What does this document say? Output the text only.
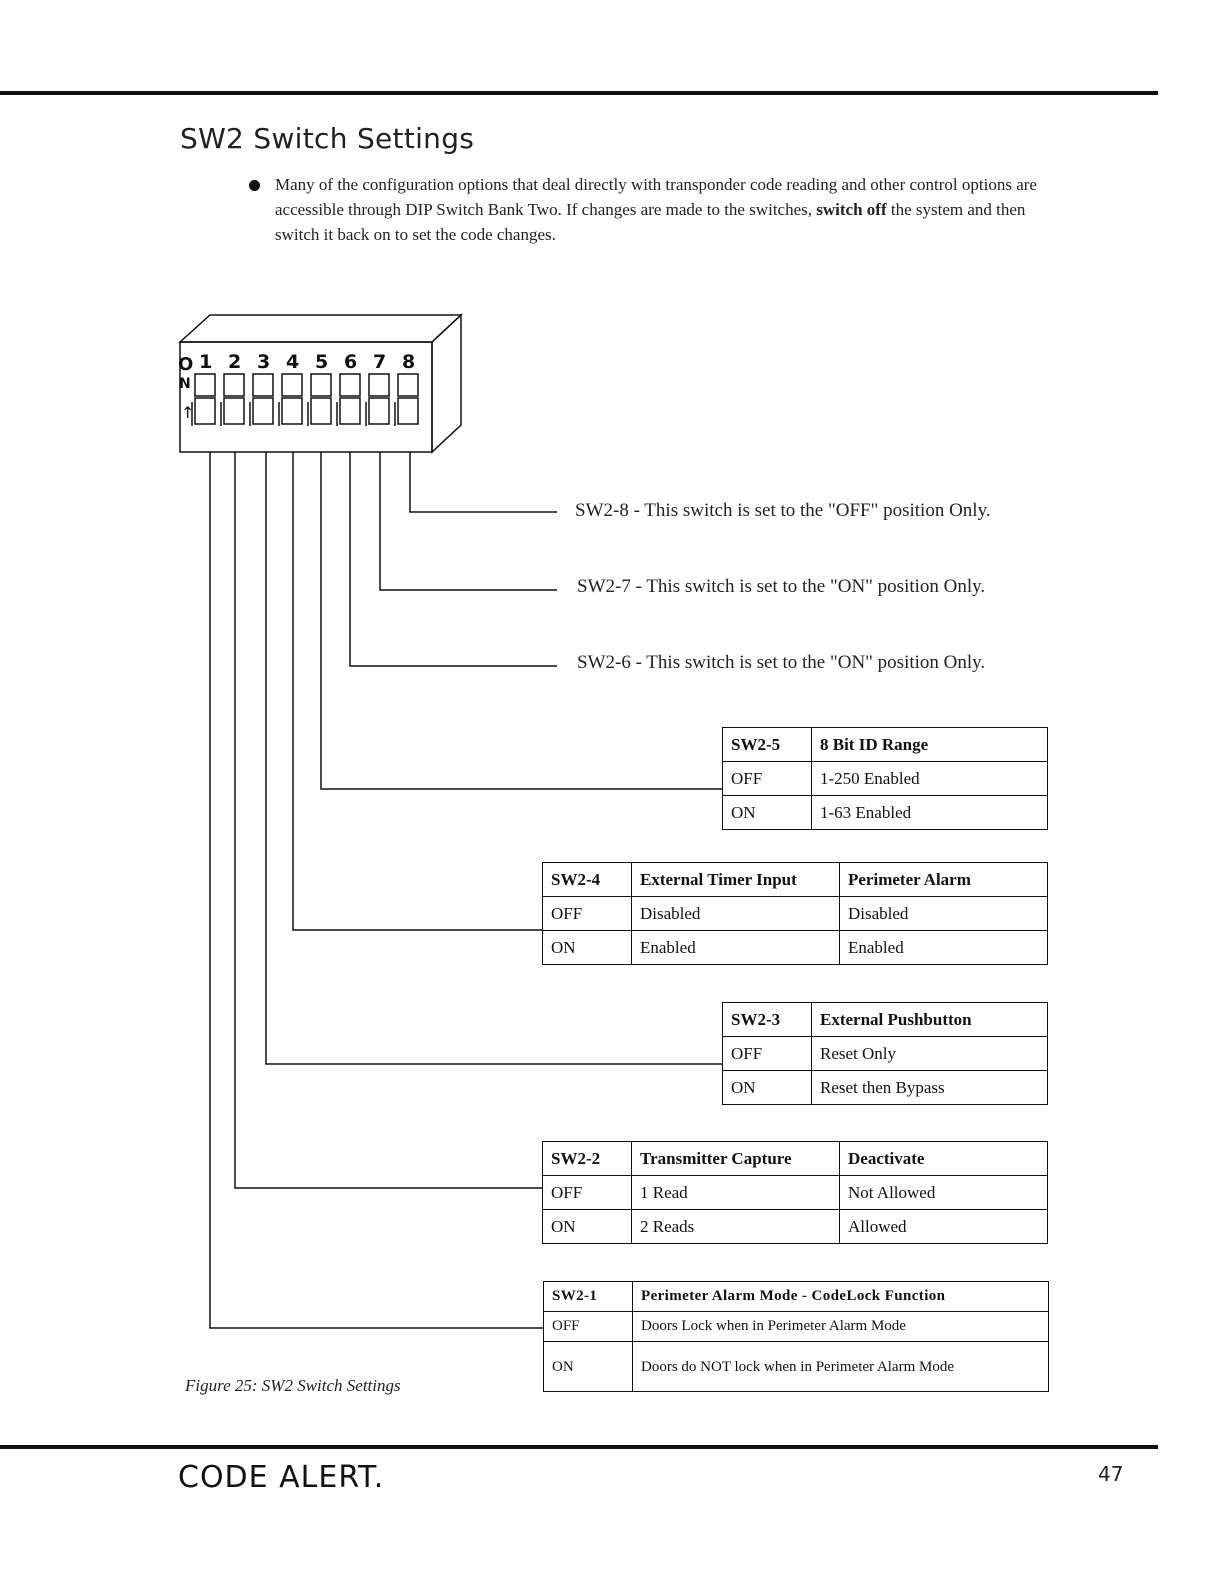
SW2 Switch Settings
Many of the configuration options that deal directly with transponder code reading and other control options are accessible through DIP Switch Bank Two. If changes are made to the switches, switch off the system and then switch it back on to set the code changes.
O
N
↑
1 2 3 4 5 6 7 8
SW2-8 - This switch is set to the "OFF" position Only.
SW2-7 - This switch is set to the "ON" position Only.
SW2-6 - This switch is set to the "ON" position Only.
SW2-5	8 Bit ID Range
OFF	1-250 Enabled
ON	1-63 Enabled
SW2-4	External Timer Input	Perimeter Alarm
OFF	Disabled	Disabled
ON	Enabled	Enabled
SW2-3	External Pushbutton
OFF	Reset Only
ON	Reset then Bypass
SW2-2	Transmitter Capture	Deactivate
OFF	1 Read	Not Allowed
ON	2 Reads	Allowed
SW2-1	Perimeter Alarm Mode - CodeLock Function
OFF	Doors Lock when in Perimeter Alarm Mode
ON	Doors do NOT lock when in Perimeter Alarm Mode
Figure 25: SW2 Switch Settings
CODE ALERT.	47
